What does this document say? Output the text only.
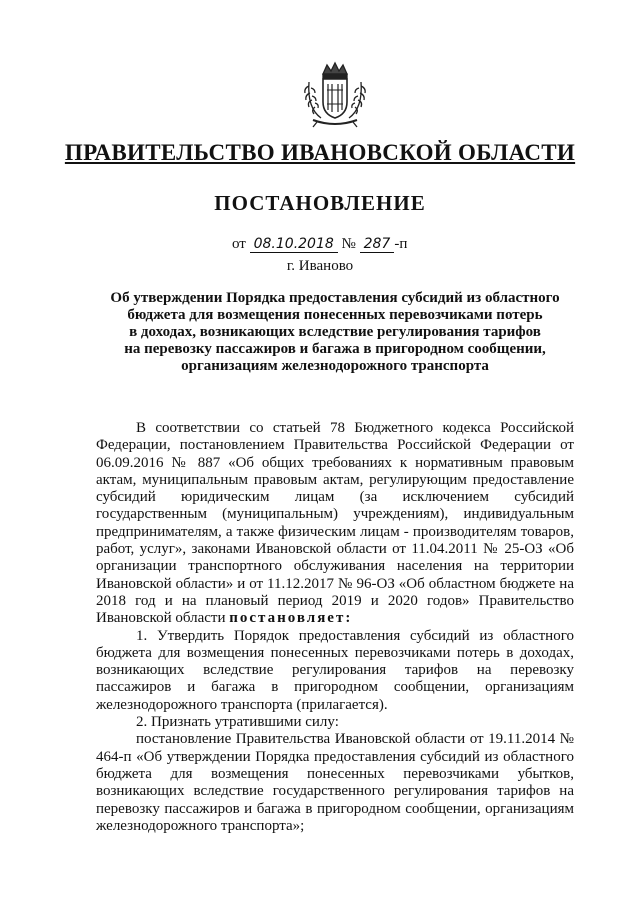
ПРАВИТЕЛЬСТВО ИВАНОВСКОЙ ОБЛАСТИ
ПОСТАНОВЛЕНИЕ
от 08.10.2018 № 287 -п
г. Иваново
Об утверждении Порядка предоставления субсидий из областного
бюджета для возмещения понесенных перевозчиками потерь
в доходах, возникающих вследствие регулирования тарифов
на перевозку пассажиров и багажа в пригородном сообщении,
организациям железнодорожного транспорта

В соответствии со статьей 78 Бюджетного кодекса Российской Федерации, постановлением Правительства Российской Федерации от 06.09.2016 № 887 «Об общих требованиях к нормативным правовым актам, муниципальным правовым актам, регулирующим предоставление субсидий юридическим лицам (за исключением субсидий государственным (муниципальным) учреждениям), индивидуальным предпринимателям, а также физическим лицам - производителям товаров, работ, услуг», законами Ивановской области от 11.04.2011 № 25-ОЗ «Об организации транспортного обслуживания населения на территории Ивановской области» и от 11.12.2017 № 96-ОЗ «Об областном бюджете на 2018 год и на плановый период 2019 и 2020 годов» Правительство Ивановской области постановляет:

1. Утвердить Порядок предоставления субсидий из областного бюджета для возмещения понесенных перевозчиками потерь в доходах, возникающих вследствие регулирования тарифов на перевозку пассажиров и багажа в пригородном сообщении, организациям железнодорожного транспорта (прилагается).

2. Признать утратившими силу:

постановление Правительства Ивановской области от 19.11.2014 № 464-п «Об утверждении Порядка предоставления субсидий из областного бюджета для возмещения понесенных перевозчиками убытков, возникающих вследствие государственного регулирования тарифов на перевозку пассажиров и багажа в пригородном сообщении, организациям железнодорожного транспорта»;
